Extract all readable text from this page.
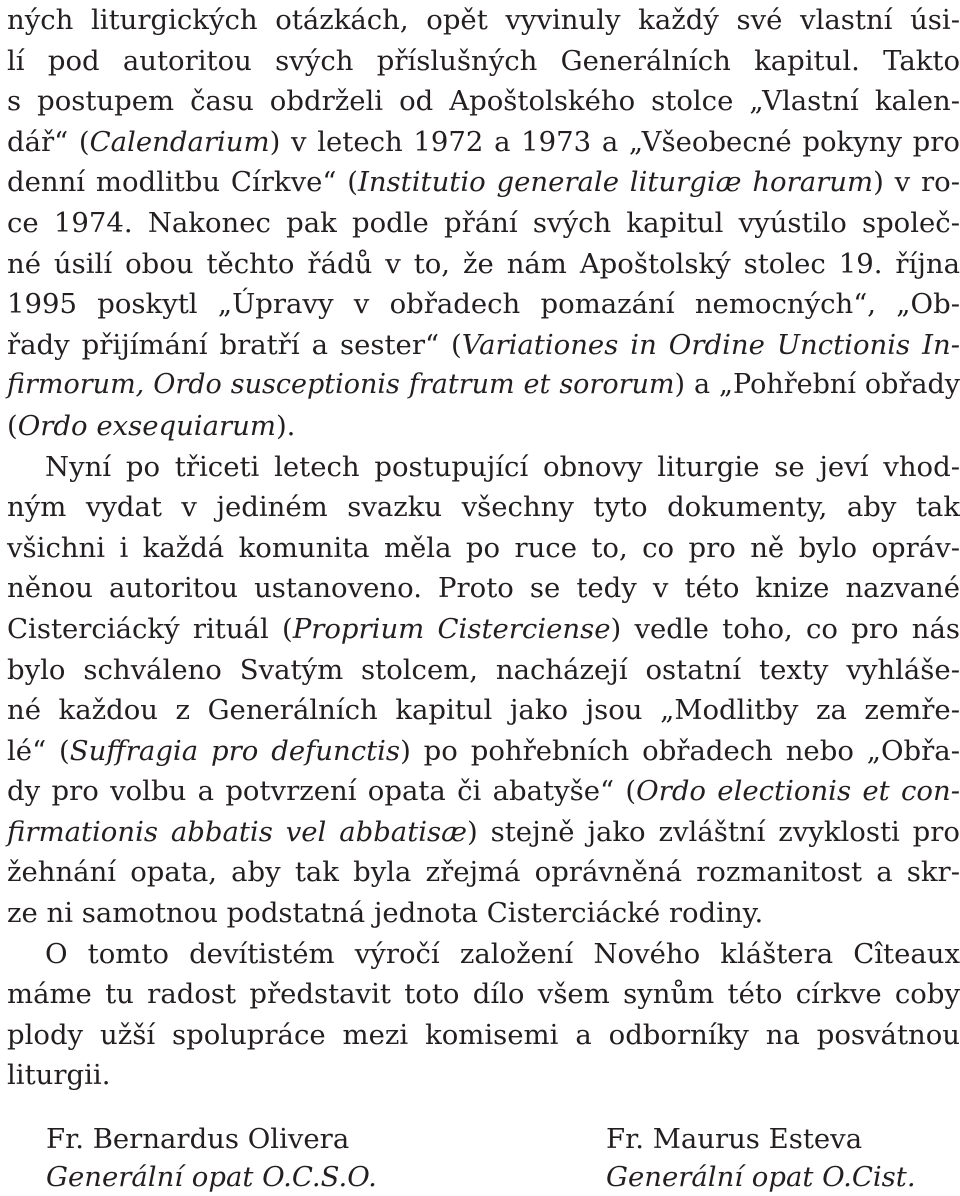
ných liturgických otázkách, opět vyvinuly každý své vlastní úsi-
lí pod autoritou svých příslušných Generálních kapitul. Takto
s postupem času obdrželi od Apoštolského stolce „Vlastní kalen-
dář“ (Calendarium) v letech 1972 a 1973 a „Všeobecné pokyny pro
denní modlitbu Církve“ (Institutio generale liturgiæ horarum) v ro-
ce 1974. Nakonec pak podle přání svých kapitul vyústilo společ-
né úsilí obou těchto řádů v to, že nám Apoštolský stolec 19. října
1995 poskytl „Úpravy v obřadech pomazání nemocných“, „Ob-
řady přijímání bratří a sester“ (Variationes in Ordine Unctionis In-
firmorum, Ordo susceptionis fratrum et sororum) a „Pohřební obřady
(Ordo exsequiarum).
Nyní po třiceti letech postupující obnovy liturgie se jeví vhod-
ným vydat v jediném svazku všechny tyto dokumenty, aby tak
všichni i každá komunita měla po ruce to, co pro ně bylo opráv-
něnou autoritou ustanoveno. Proto se tedy v této knize nazvané
Cisterciácký rituál (Proprium Cisterciense) vedle toho, co pro nás
bylo schváleno Svatým stolcem, nacházejí ostatní texty vyhláše-
né každou z Generálních kapitul jako jsou „Modlitby za zemře-
lé“ (Suffragia pro defunctis) po pohřebních obřadech nebo „Obřa-
dy pro volbu a potvrzení opata či abatyše“ (Ordo electionis et con-
firmationis abbatis vel abbatisæ) stejně jako zvláštní zvyklosti pro
žehnání opata, aby tak byla zřejmá oprávněná rozmanitost a skr-
ze ni samotnou podstatná jednota Cisterciácké rodiny.
O tomto devítistém výročí založení Nového kláštera Cîteaux
máme tu radost představit toto dílo všem synům této církve coby
plody užší spolupráce mezi komisemi a odborníky na posvátnou
liturgii.
Fr. Bernardus Olivera
Generální opat O.C.S.O.
Fr. Maurus Esteva
Generální opat O.Cist.
